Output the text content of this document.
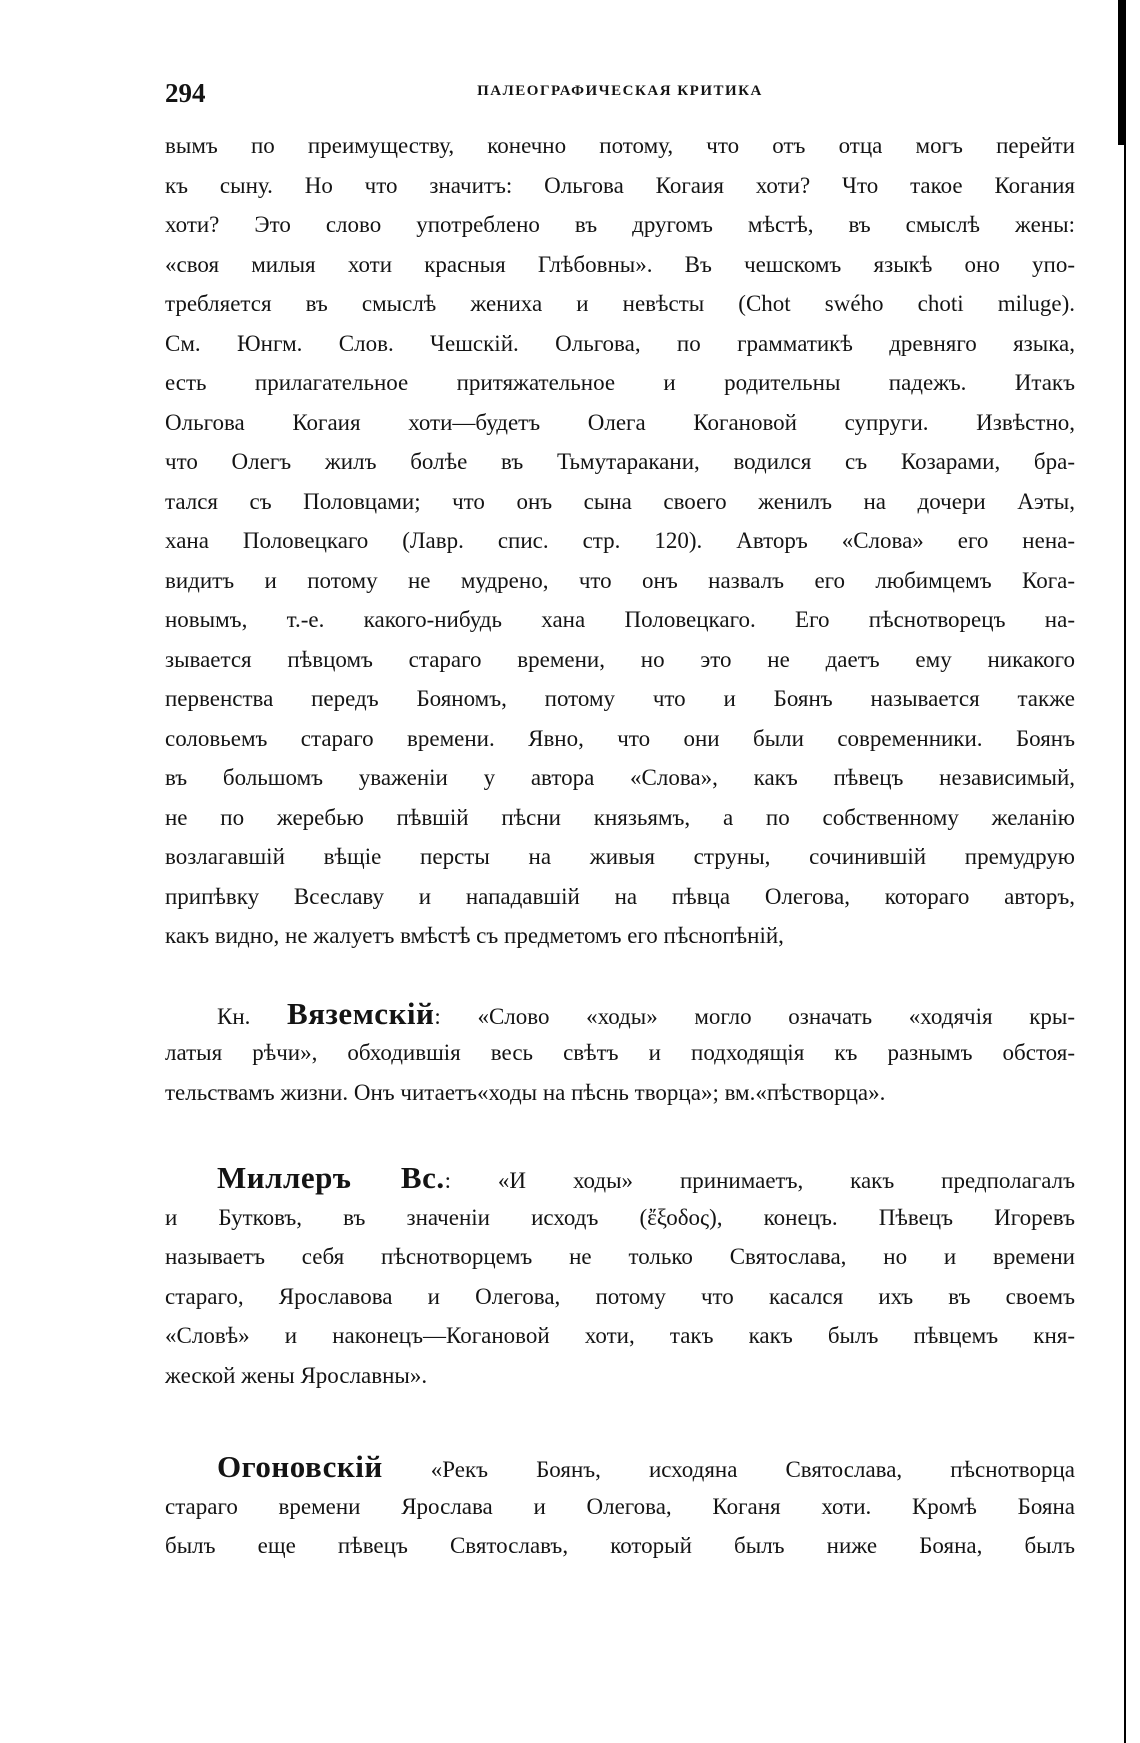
294	ПАЛЕОГРАФИЧЕСКАЯ КРИТИКА

вымъ по преимуществу, конечно потому, что отъ отца могъ перейти

къ сыну. Но что значитъ: Ольгова Когаия хоти? Что такое Когания

хоти? Это слово употреблено въ другомъ мѣстѣ, въ смыслѣ жены:

«своя милыя хоти красныя Глѣбовны». Въ чешскомъ языкѣ оно упо-

требляется въ смыслѣ жениха и невѣсты (Chot swého choti miluge).

См. Юнгм. Слов. Чешскій. Ольгова, по грамматикѣ древняго языка,

есть прилагательное притяжательное и родительны падежъ. Итакъ

Ольгова Когаия хоти—будетъ Олега Когановой супруги. Извѣстно,

что Олегъ жилъ болѣе въ Тьмутаракани, водился съ Козарами, бра-

тался съ Половцами; что онъ сына своего женилъ на дочери Аэты,

хана Половецкаго (Лавр. спис. стр. 120). Авторъ «Слова» его нена-

видитъ и потому не мудрено, что онъ назвалъ его любимцемъ Кога-

новымъ, т.-е. какого-нибудь хана Половецкаго. Его пѣснотворецъ на-

зывается пѣвцомъ стараго времени, но это не даетъ ему никакого

первенства передъ Бояномъ, потому что и Боянъ называется также

соловьемъ стараго времени. Явно, что они были современники. Боянъ

въ большомъ уваженіи у автора «Слова», какъ пѣвецъ независимый,

не по жеребью пѣвшій пѣсни князьямъ, а по собственному желанію

возлагавшій вѣщіе персты на живыя струны, сочинившій премудрую

припѣвку Всеславу и нападавшій на пѣвца Олегова, котораго авторъ,

какъ видно, не жалуетъ вмѣстѣ съ предметомъ его пѣснопѣній,

Кн. Вяземскій: «Слово «ходы» могло означать «ходячія кры-

латыя рѣчи», обходившія весь свѣтъ и подходящія къ разнымъ обстоя-

тельствамъ жизни. Онъ читаетъ«ходы на пѣснь творца»; вм.«пѣстворца».

Миллеръ Вс.: «И ходы» принимаетъ, какъ предполагалъ

и Бутковъ, въ значеніи исходъ (ἔξοδος), конецъ. Пѣвецъ Игоревъ

называетъ себя пѣснотворцемъ не только Святослава, но и времени

стараго, Ярославова и Олегова, потому что касался ихъ въ своемъ

«Словѣ» и наконецъ—Когановой хоти, такъ какъ былъ пѣвцемъ кня-

жеской жены Ярославны».

Огоновскій «Рекъ Боянъ, исходяна Святослава, пѣснотворца

стараго времени Ярослава и Олегова, Коганя хоти. Кромѣ Бояна

былъ еще пѣвецъ Святославъ, который былъ ниже Бояна, былъ
